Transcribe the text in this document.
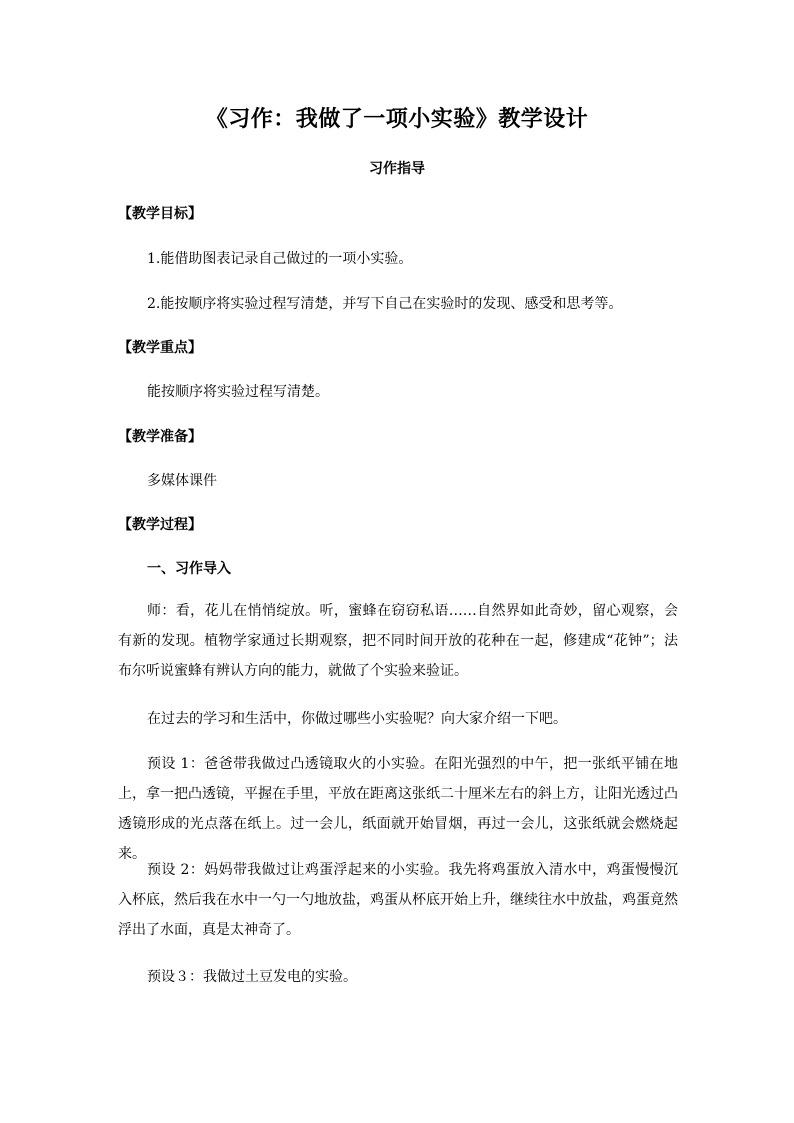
《习作：我做了一项小实验》教学设计
习作指导
【教学目标】
1.能借助图表记录自己做过的一项小实验。
2.能按顺序将实验过程写清楚，并写下自己在实验时的发现、感受和思考等。
【教学重点】
能按顺序将实验过程写清楚。
【教学准备】
多媒体课件
【教学过程】
一、习作导入
师：看，花儿在悄悄绽放。听，蜜蜂在窃窃私语……自然界如此奇妙，留心观察，会有新的发现。植物学家通过长期观察，把不同时间开放的花种在一起，修建成“花钟”；法布尔听说蜜蜂有辨认方向的能力，就做了个实验来验证。
在过去的学习和生活中，你做过哪些小实验呢？向大家介绍一下吧。
预设 1：爸爸带我做过凸透镜取火的小实验。在阳光强烈的中午，把一张纸平铺在地上，拿一把凸透镜，平握在手里，平放在距离这张纸二十厘米左右的斜上方，让阳光透过凸透镜形成的光点落在纸上。过一会儿，纸面就开始冒烟，再过一会儿，这张纸就会燃烧起来。
预设 2：妈妈带我做过让鸡蛋浮起来的小实验。我先将鸡蛋放入清水中，鸡蛋慢慢沉入杯底，然后我在水中一勺一勺地放盐，鸡蛋从杯底开始上升，继续往水中放盐，鸡蛋竟然浮出了水面，真是太神奇了。
预设３：我做过土豆发电的实验。
